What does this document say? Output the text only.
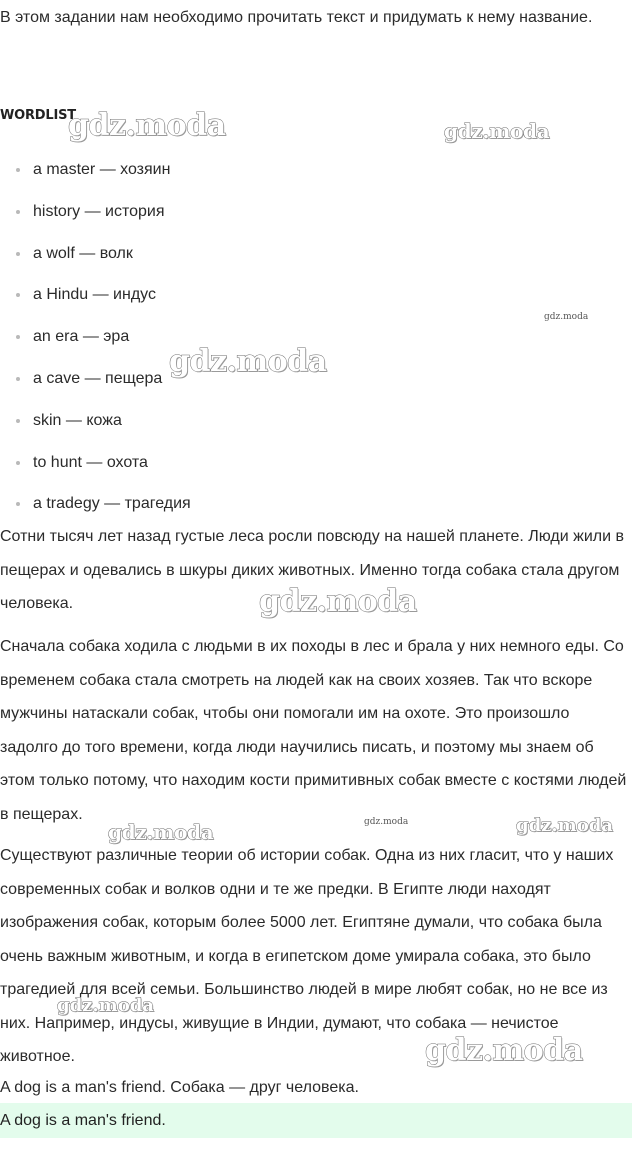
В этом задании нам необходимо прочитать текст и придумать к нему название.

WORDLIST
a master — хозяин
history — история
a wolf — волк
a Hindu — индус
an era — эра
a cave — пещера
skin — кожа
to hunt — охота
a tradegy — трагедия

Сотни тысяч лет назад густые леса росли повсюду на нашей планете. Люди жили в пещерах и одевались в шкуры диких животных. Именно тогда собака стала другом человека.

Сначала собака ходила с людьми в их походы в лес и брала у них немного еды. Со временем собака стала смотреть на людей как на своих хозяев. Так что вскоре мужчины натаскали собак, чтобы они помогали им на охоте. Это произошло задолго до того времени, когда люди научились писать, и поэтому мы знаем об этом только потому, что находим кости примитивных собак вместе с костями людей в пещерах.

Существуют различные теории об истории собак. Одна из них гласит, что у наших современных собак и волков одни и те же предки. В Египте люди находят изображения собак, которым более 5000 лет. Египтяне думали, что собака была очень важным животным, и когда в египетском доме умирала собака, это было трагедией для всей семьи. Большинство людей в мире любят собак, но не все из них. Например, индусы, живущие в Индии, думают, что собака — нечистое животное.

A dog is a man's friend. Собака — друг человека.

A dog is a man's friend.

gdz.moda	gdz.moda
gdz.moda
gdz.moda
gdz.moda
gdz.moda	gdz.moda	gdz.moda
gdz.moda
gdz.moda
